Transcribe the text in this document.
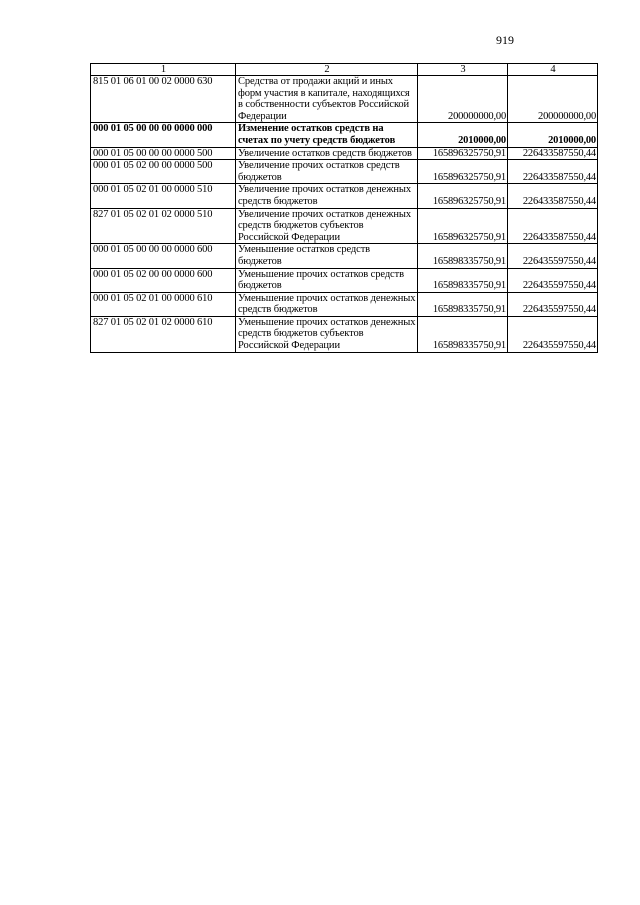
919
1	2	3	4
815 01 06 01 00 02 0000 630	Средства от продажи акций и иных форм участия в капитале, находящихся в собственности субъектов Российской Федерации	200000000,00	200000000,00
000 01 05 00 00 00 0000 000	Изменение остатков средств на счетах по учету средств бюджетов	2010000,00	2010000,00
000 01 05 00 00 00 0000 500	Увеличение остатков средств бюджетов	165896325750,91	226433587550,44
000 01 05 02 00 00 0000 500	Увеличение прочих остатков средств бюджетов	165896325750,91	226433587550,44
000 01 05 02 01 00 0000 510	Увеличение прочих остатков денежных средств бюджетов	165896325750,91	226433587550,44
827 01 05 02 01 02 0000 510	Увеличение прочих остатков денежных средств бюджетов субъектов Российской Федерации	165896325750,91	226433587550,44
000 01 05 00 00 00 0000 600	Уменьшение остатков средств бюджетов	165898335750,91	226435597550,44
000 01 05 02 00 00 0000 600	Уменьшение прочих остатков средств бюджетов	165898335750,91	226435597550,44
000 01 05 02 01 00 0000 610	Уменьшение прочих остатков денежных средств бюджетов	165898335750,91	226435597550,44
827 01 05 02 01 02 0000 610	Уменьшение прочих остатков денежных средств бюджетов субъектов Российской Федерации	165898335750,91	226435597550,44
